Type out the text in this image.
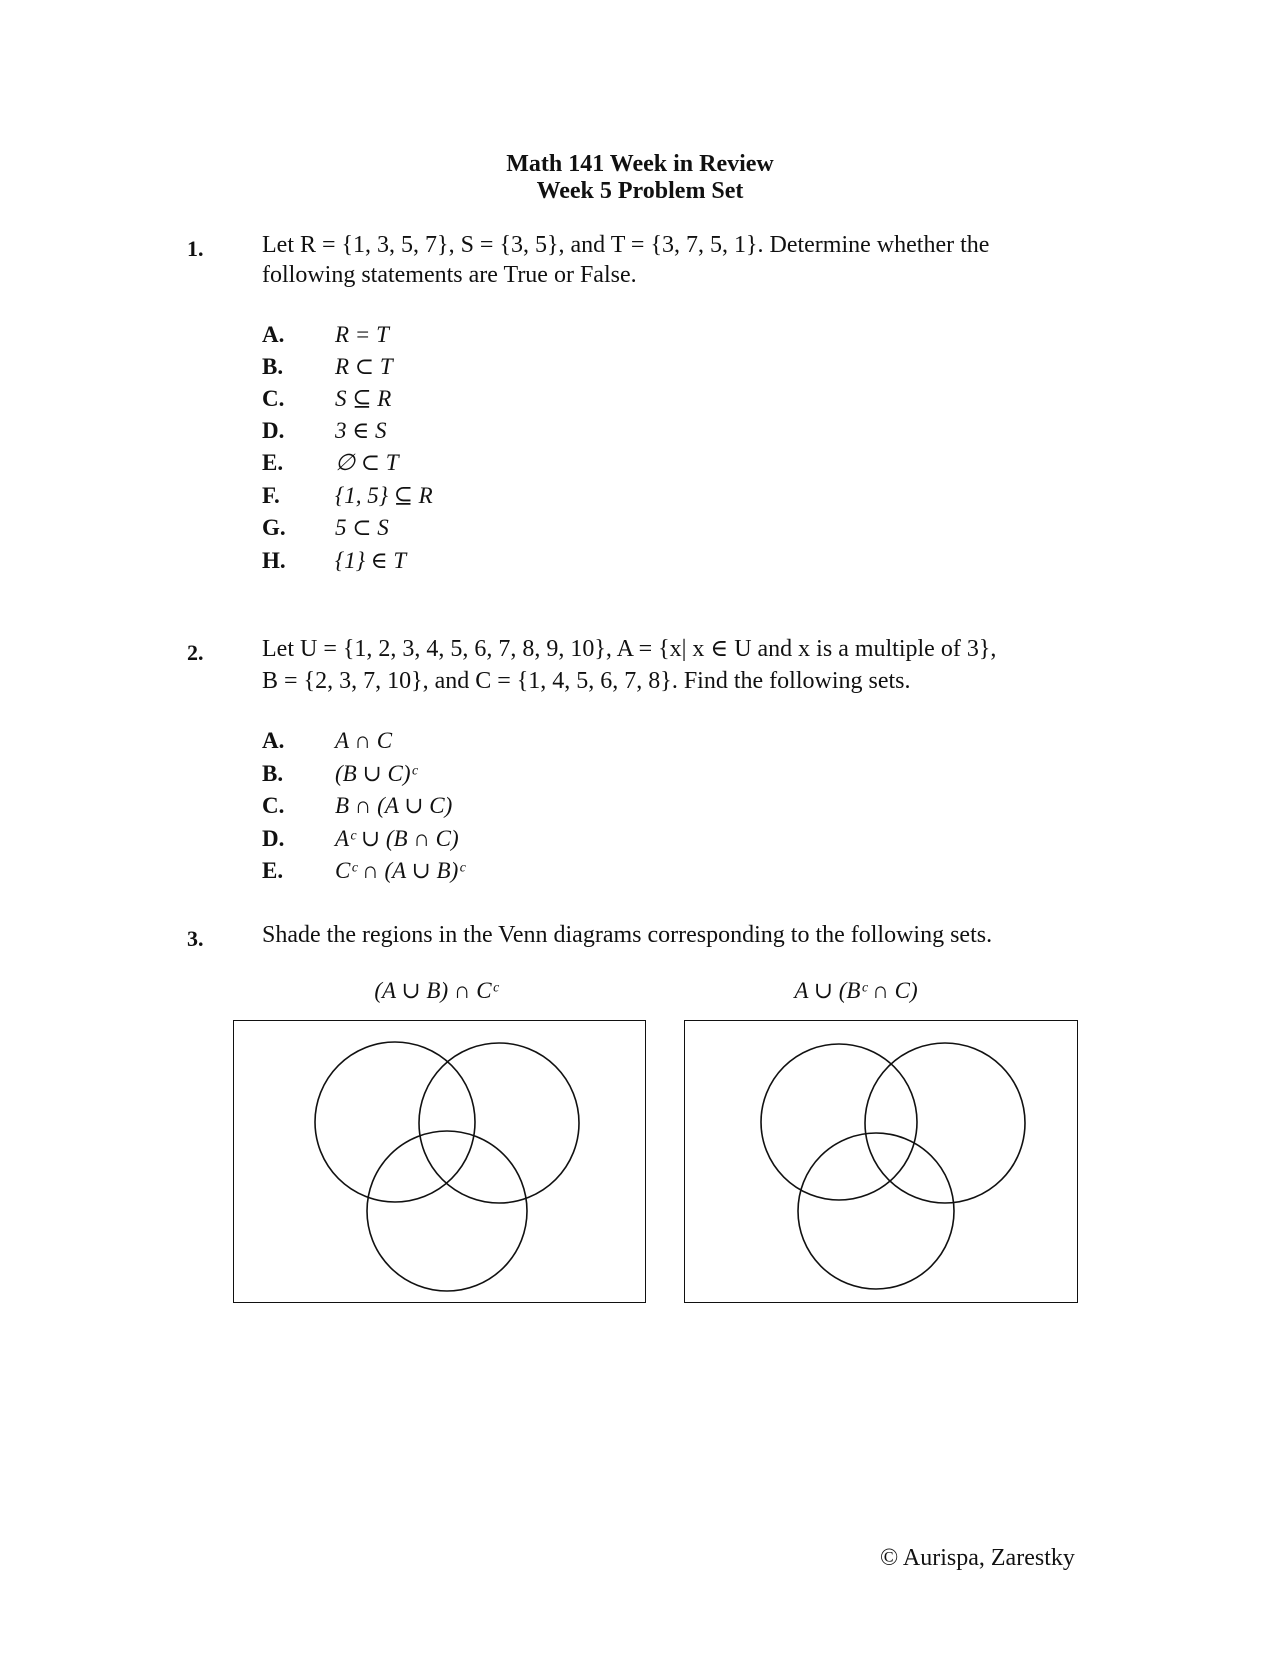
Math 141 Week in Review
Week 5 Problem Set
1. Let R = {1, 3, 5, 7}, S = {3, 5}, and T = {3, 7, 5, 1}. Determine whether the
following statements are True or False.
A. R = T
B. R ⊂ T
C. S ⊆ R
D. 3 ∈ S
E. ∅ ⊂ T
F. {1, 5} ⊆ R
G. 5 ⊂ S
H. {1} ∈ T
2. Let U = {1, 2, 3, 4, 5, 6, 7, 8, 9, 10}, A = {x| x ∈ U and x is a multiple of 3},
B = {2, 3, 7, 10}, and C = {1, 4, 5, 6, 7, 8}. Find the following sets.
A. A ∩ C
B. (B ∪ C)ᶜ
C. B ∩ (A ∪ C)
D. Aᶜ ∪ (B ∩ C)
E. Cᶜ ∩ (A ∪ B)ᶜ
3. Shade the regions in the Venn diagrams corresponding to the following sets.
(A ∪ B) ∩ Cᶜ	A ∪ (Bᶜ ∩ C)
© Aurispa, Zarestky
